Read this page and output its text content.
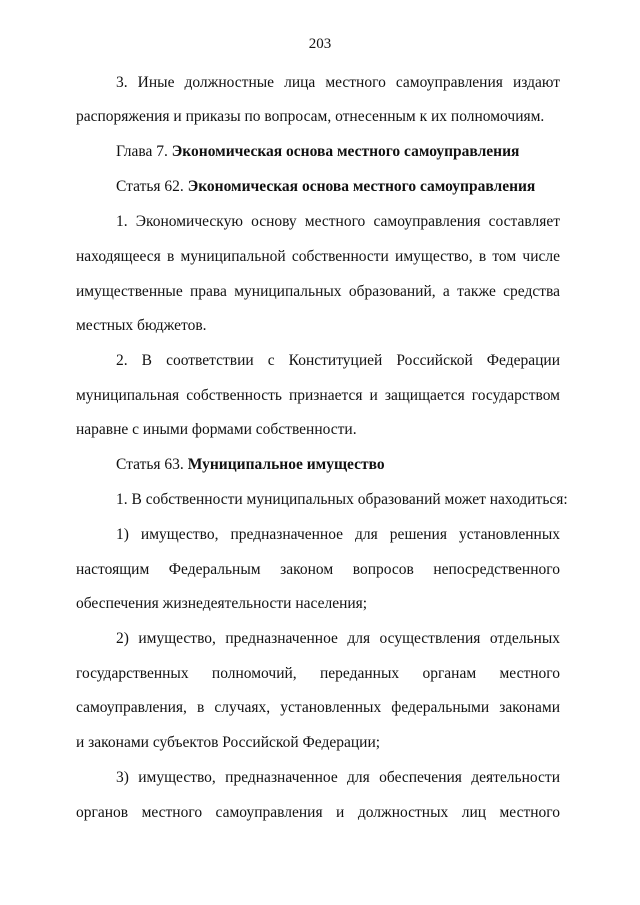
203
3. Иные должностные лица местного самоуправления издают
распоряжения и приказы по вопросам, отнесенным к их полномочиям.
Глава 7. Экономическая основа местного самоуправления
Статья 62. Экономическая основа местного самоуправления
1. Экономическую основу местного самоуправления составляет
находящееся в муниципальной собственности имущество, в том числе
имущественные права муниципальных образований, а также средства
местных бюджетов.
2. В соответствии с Конституцией Российской Федерации
муниципальная собственность признается и защищается государством
наравне с иными формами собственности.
Статья 63. Муниципальное имущество
1. В собственности муниципальных образований может находиться:
1) имущество, предназначенное для решения установленных
настоящим Федеральным законом вопросов непосредственного
обеспечения жизнедеятельности населения;
2) имущество, предназначенное для осуществления отдельных
государственных полномочий, переданных органам местного
самоуправления, в случаях, установленных федеральными законами
и законами субъектов Российской Федерации;
3) имущество, предназначенное для обеспечения деятельности
органов местного самоуправления и должностных лиц местного
